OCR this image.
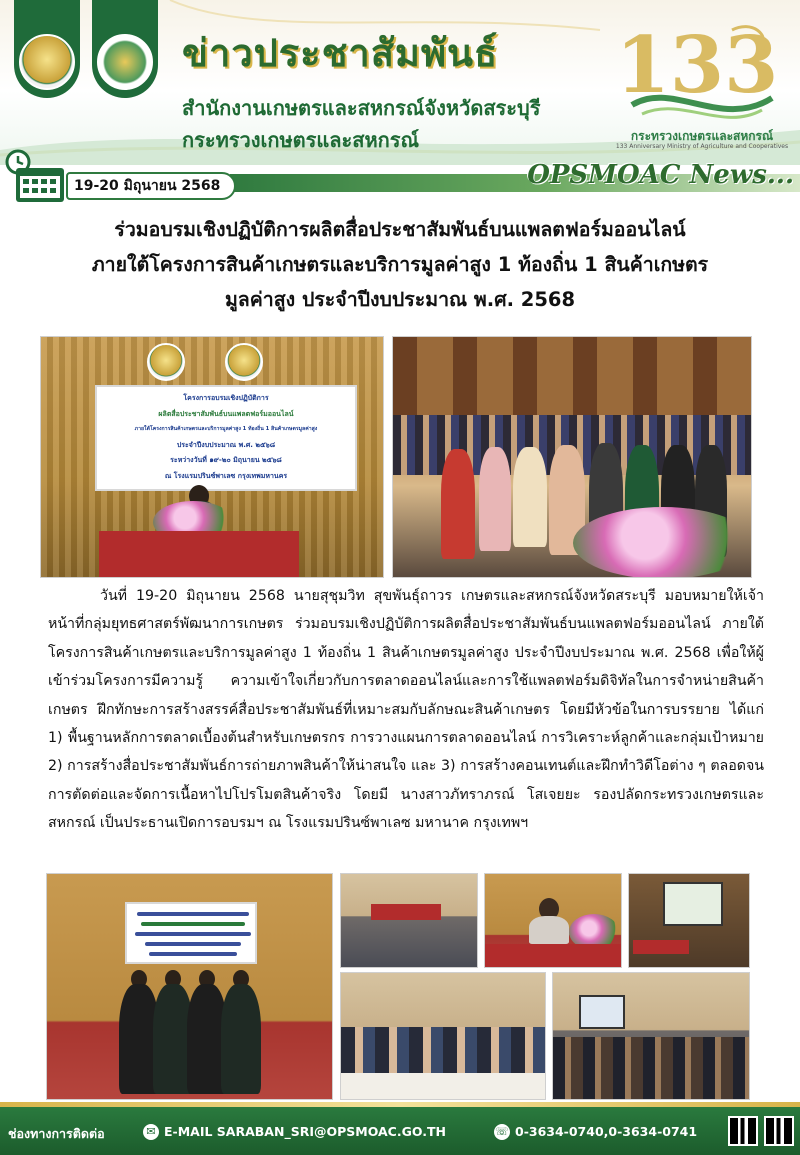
ข่าวประชาสัมพันธ์
สำนักงานเกษตรและสหกรณ์จังหวัดสระบุรี
กระทรวงเกษตรและสหกรณ์
133
กระทรวงเกษตรและสหกรณ์
133 Anniversary Ministry of Agriculture and Cooperatives
19-20 มิถุนายน 2568	OPSMOAC News...
ร่วมอบรมเชิงปฏิบัติการผลิตสื่อประชาสัมพันธ์บนแพลตฟอร์มออนไลน์
ภายใต้โครงการสินค้าเกษตรและบริการมูลค่าสูง 1 ท้องถิ่น 1 สินค้าเกษตร
มูลค่าสูง ประจำปีงบประมาณ พ.ศ. 2568
โครงการอบรมเชิงปฏิบัติการ
ผลิตสื่อประชาสัมพันธ์บนแพลตฟอร์มออนไลน์
ภายใต้โครงการสินค้าเกษตรและบริการมูลค่าสูง 1 ท้องถิ่น 1 สินค้าเกษตรมูลค่าสูง
ประจำปีงบประมาณ พ.ศ. ๒๕๖๘
ระหว่างวันที่ ๑๙-๒๐ มิถุนายน ๒๕๖๘
ณ โรงแรมปรินซ์พาเลซ กรุงเทพมหานคร
วันที่ 19-20 มิถุนายน 2568 นายสุชุมวิท สุขพันธุ์ถาวร เกษตรและสหกรณ์จังหวัดสระบุรี มอบหมายให้เจ้าหน้าที่กลุ่มยุทธศาสตร์พัฒนาการเกษตร ร่วมอบรมเชิงปฏิบัติการผลิตสื่อประชาสัมพันธ์บนแพลตฟอร์มออนไลน์ ภายใต้โครงการสินค้าเกษตรและบริการมูลค่าสูง 1 ท้องถิ่น 1 สินค้าเกษตรมูลค่าสูง ประจำปีงบประมาณ พ.ศ. 2568 เพื่อให้ผู้เข้าร่วมโครงการมีความรู้ ความเข้าใจเกี่ยวกับการตลาดออนไลน์และการใช้แพลตฟอร์มดิจิทัลในการจำหน่ายสินค้าเกษตร ฝึกทักษะการสร้างสรรค์สื่อประชาสัมพันธ์ที่เหมาะสมกับลักษณะสินค้าเกษตร โดยมีหัวข้อในการบรรยาย ได้แก่ 1) พื้นฐานหลักการตลาดเบื้องต้นสำหรับเกษตรกร การวางแผนการตลาดออนไลน์ การวิเคราะห์ลูกค้าและกลุ่มเป้าหมาย 2) การสร้างสื่อประชาสัมพันธ์การถ่ายภาพสินค้าให้น่าสนใจ และ 3) การสร้างคอนเทนต์และฝึกทำวิดีโอต่าง ๆ ตลอดจนการตัดต่อและจัดการเนื้อหาไปโปรโมตสินค้าจริง โดยมี นางสาวภัทราภรณ์ โสเจยยะ รองปลัดกระทรวงเกษตรและสหกรณ์ เป็นประธานเปิดการอบรมฯ ณ โรงแรมปรินซ์พาเลซ มหานาค กรุงเทพฯ
ช่องทางการติดต่อ	✉ E-MAIL SARABAN_SRI@OPSMOAC.GO.TH	☏ 0-3634-0740,0-3634-0741
